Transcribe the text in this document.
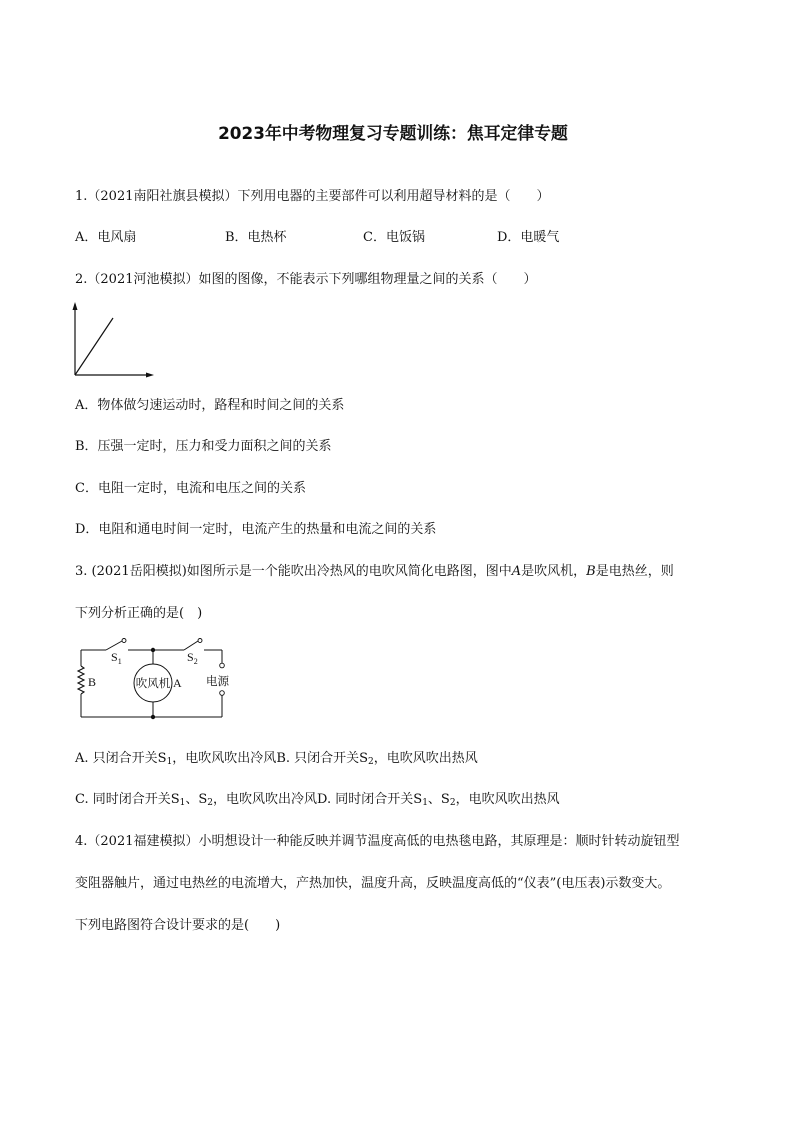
2023年中考物理复习专题训练：焦耳定律专题
1.（2021南阳社旗县模拟）下列用电器的主要部件可以利用超导材料的是（　　）
A．电风扇	B．电热杯	C．电饭锅	D．电暖气
2.（2021河池模拟）如图的图像，不能表示下列哪组物理量之间的关系（　　）
A．物体做匀速运动时，路程和时间之间的关系
B．压强一定时，压力和受力面积之间的关系
C．电阻一定时，电流和电压之间的关系
D．电阻和通电时间一定时，电流产生的热量和电流之间的关系
3. (2021岳阳模拟)如图所示是一个能吹出冷热风的电吹风简化电路图，图中A是吹风机，B是电热丝，则
下列分析正确的是(　)
$S_1$	$S_2$
B	吹风机 A 电源
A. 只闭合开关$S_1$，电吹风吹出冷风B. 只闭合开关$S_2$，电吹风吹出热风
C. 同时闭合开关$S_1$、$S_2$，电吹风吹出冷风D. 同时闭合开关$S_1$、$S_2$，电吹风吹出热风
4.（2021福建模拟）小明想设计一种能反映并调节温度高低的电热毯电路，其原理是：顺时针转动旋钮型
变阻器触片，通过电热丝的电流增大，产热加快，温度升高，反映温度高低的“仪表”(电压表)示数变大。
下列电路图符合设计要求的是(　　)
